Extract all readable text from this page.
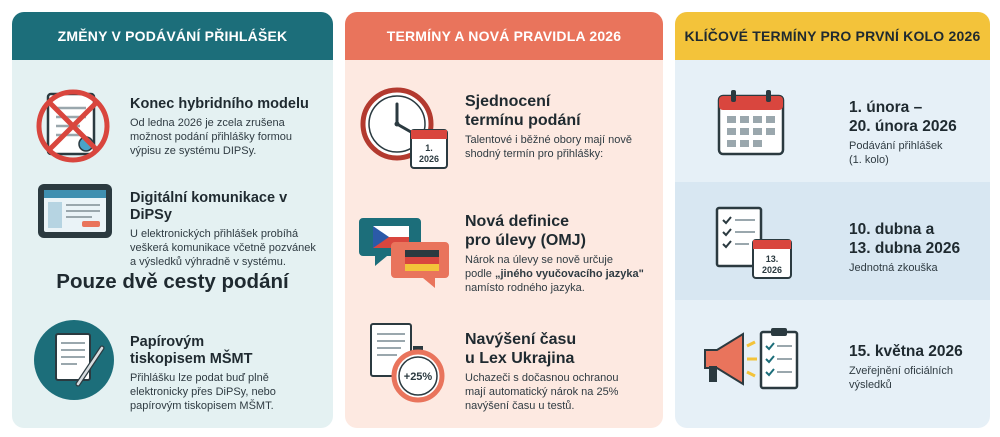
ZMĚNY V PODÁVÁNÍ PŘIHLÁŠEK
Konec hybridního modelu
Od ledna 2026 je zcela zrušena
možnost podání přihlášky formou
výpisu ze systému DIPSy.
Digitální komunikace v DiPSy
U elektronických přihlášek probíhá
veškerá komunikace včetně pozvánek
a výsledků výhradně v systému.
Pouze dvě cesty podání
Papírovým
tiskopisem MŠMT
Přihlášku lze podat buď plně
elektronicky přes DiPSy, nebo
papírovým tiskopisem MŠMT.
TERMÍNY A NOVÁ PRAVIDLA 2026
1.
2026
Sjednocení
termínu podání
Talentové i běžné obory mají nově
shodný termín pro přihlášky:
Nová definice
pro úlevy (OMJ)
Nárok na úlevy se nově určuje
podle „jiného vyučovacího jazyka"
namísto rodného jazyka.
+25%
Navýšení času
u Lex Ukrajina
Uchazeči s dočasnou ochranou
mají automatický nárok na 25%
navýšení času u testů.
KLÍČOVÉ TERMÍNY PRO PRVNÍ KOLO 2026
1. února –
20. února 2026
Podávání přihlášek
(1. kolo)
13.
2026
10. dubna a
13. dubna 2026
Jednotná zkouška
15. května 2026
Zveřejnění oficiálních
výsledků
